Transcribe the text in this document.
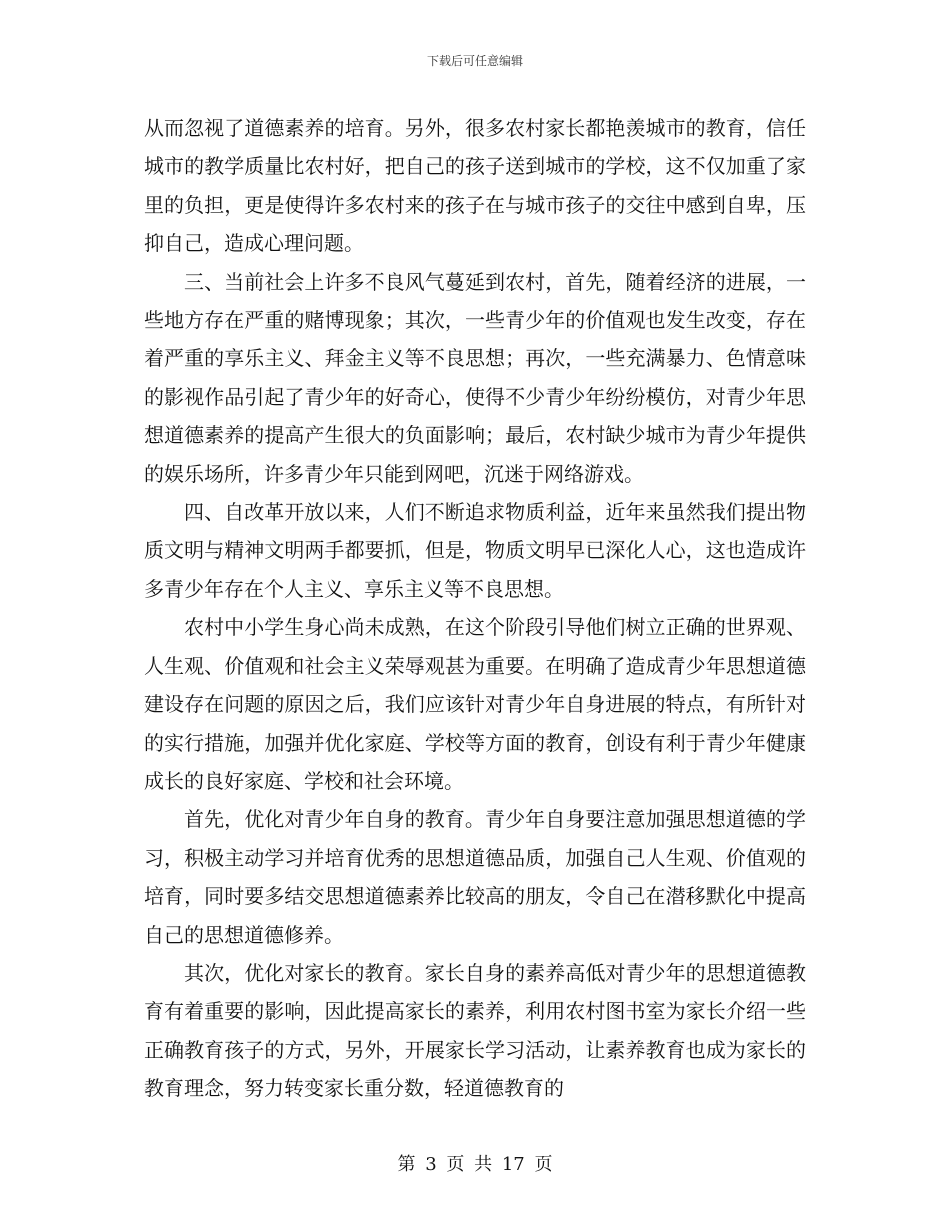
下载后可任意编辑

从而忽视了道德素养的培育。另外，很多农村家长都艳羡城市的教育，信任城市的教学质量比农村好，把自己的孩子送到城市的学校，这不仅加重了家里的负担，更是使得许多农村来的孩子在与城市孩子的交往中感到自卑，压抑自己，造成心理问题。

三、当前社会上许多不良风气蔓延到农村，首先，随着经济的进展，一些地方存在严重的赌博现象；其次，一些青少年的价值观也发生改变，存在着严重的享乐主义、拜金主义等不良思想；再次，一些充满暴力、色情意味的影视作品引起了青少年的好奇心，使得不少青少年纷纷模仿，对青少年思想道德素养的提高产生很大的负面影响；最后，农村缺少城市为青少年提供的娱乐场所，许多青少年只能到网吧，沉迷于网络游戏。

四、自改革开放以来，人们不断追求物质利益，近年来虽然我们提出物质文明与精神文明两手都要抓，但是，物质文明早已深化人心，这也造成许多青少年存在个人主义、享乐主义等不良思想。

农村中小学生身心尚未成熟，在这个阶段引导他们树立正确的世界观、人生观、价值观和社会主义荣辱观甚为重要。在明确了造成青少年思想道德建设存在问题的原因之后，我们应该针对青少年自身进展的特点，有所针对的实行措施，加强并优化家庭、学校等方面的教育，创设有利于青少年健康成长的良好家庭、学校和社会环境。

首先，优化对青少年自身的教育。青少年自身要注意加强思想道德的学习，积极主动学习并培育优秀的思想道德品质，加强自己人生观、价值观的培育，同时要多结交思想道德素养比较高的朋友，令自己在潜移默化中提高自己的思想道德修养。

其次，优化对家长的教育。家长自身的素养高低对青少年的思想道德教育有着重要的影响，因此提高家长的素养，利用农村图书室为家长介绍一些正确教育孩子的方式，另外，开展家长学习活动，让素养教育也成为家长的教育理念，努力转变家长重分数，轻道德教育的

第 3 页 共 17 页
